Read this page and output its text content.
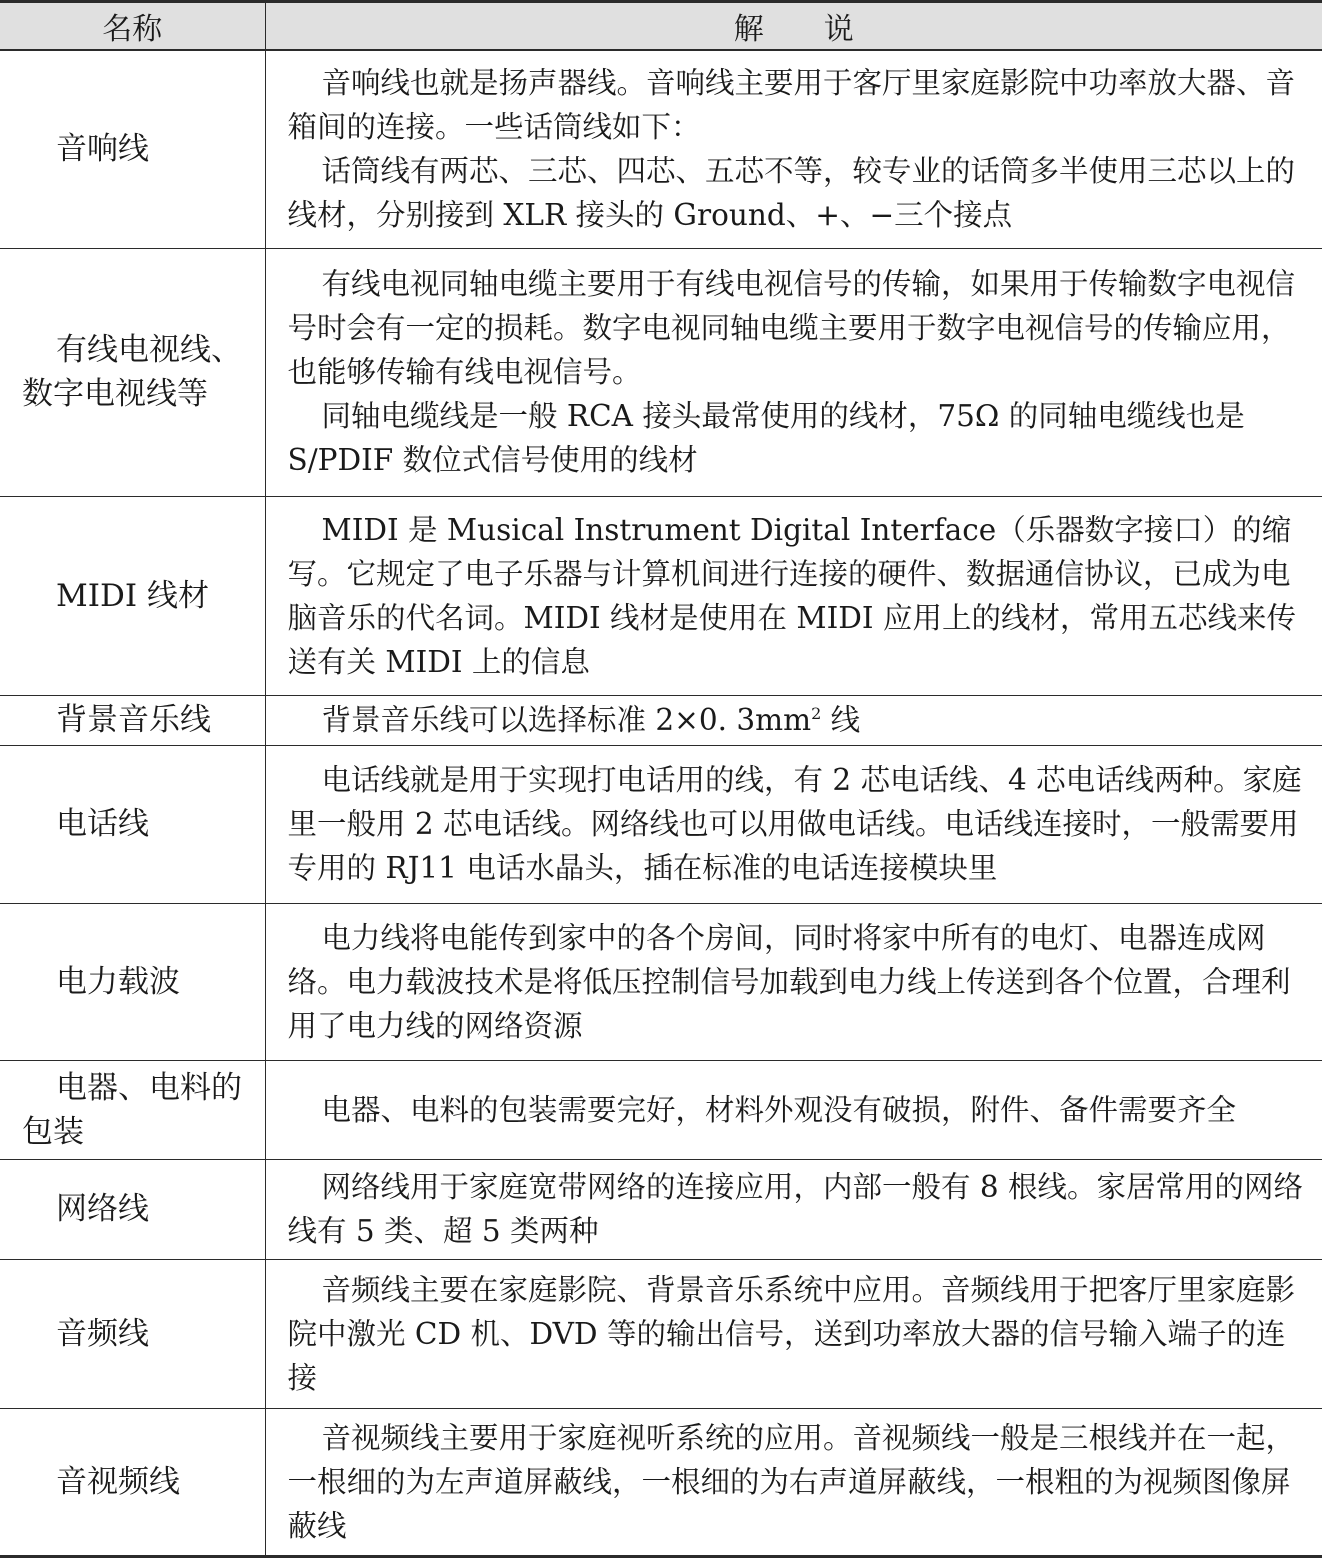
名称	解说
音响线	音响线也就是扬声器线。音响线主要用于客厅里家庭影院中功率放大器、音箱间的连接。一些话筒线如下：

话筒线有两芯、三芯、四芯、五芯不等，较专业的话筒多半使用三芯以上的线材，分别接到 XLR 接头的 Ground、+、−三个接点

有线电视线、数字电视线等	有线电视同轴电缆主要用于有线电视信号的传输，如果用于传输数字电视信号时会有一定的损耗。数字电视同轴电缆主要用于数字电视信号的传输应用，也能够传输有线电视信号。

同轴电缆线是一般 RCA 接头最常使用的线材，75Ω 的同轴电缆线也是 S/PDIF 数位式信号使用的线材

MIDI 线材	MIDI 是 Musical Instrument Digital Interface（乐器数字接口）的缩写。它规定了电子乐器与计算机间进行连接的硬件、数据通信协议，已成为电脑音乐的代名词。MIDI 线材是使用在 MIDI 应用上的线材，常用五芯线来传送有关 MIDI 上的信息

背景音乐线	背景音乐线可以选择标准 2×0. $3mm^2$ 线

电话线	电话线就是用于实现打电话用的线，有 2 芯电话线、4 芯电话线两种。家庭里一般用 2 芯电话线。网络线也可以用做电话线。电话线连接时，一般需要用专用的 RJ11 电话水晶头，插在标准的电话连接模块里

电力载波	电力线将电能传到家中的各个房间，同时将家中所有的电灯、电器连成网络。电力载波技术是将低压控制信号加载到电力线上传送到各个位置，合理利用了电力线的网络资源

电器、电料的包装	电器、电料的包装需要完好，材料外观没有破损，附件、备件需要齐全

网络线	网络线用于家庭宽带网络的连接应用，内部一般有 8 根线。家居常用的网络线有 5 类、超 5 类两种

音频线	音频线主要在家庭影院、背景音乐系统中应用。音频线用于把客厅里家庭影院中激光 CD 机、DVD 等的输出信号，送到功率放大器的信号输入端子的连接

音视频线	音视频线主要用于家庭视听系统的应用。音视频线一般是三根线并在一起，一根细的为左声道屏蔽线，一根细的为右声道屏蔽线，一根粗的为视频图像屏蔽线
